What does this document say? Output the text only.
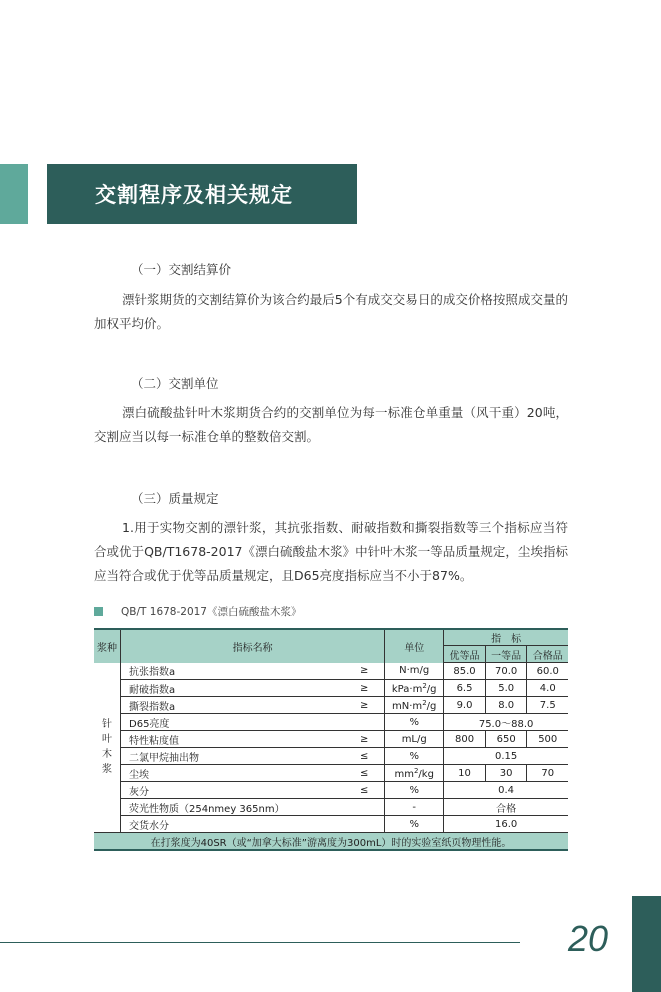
交割程序及相关规定
（一）交割结算价
漂针浆期货的交割结算价为该合约最后5个有成交交易日的成交价格按照成交量的加权平均价。
（二）交割单位
漂白硫酸盐针叶木浆期货合约的交割单位为每一标准仓单重量（风干重）20吨，交割应当以每一标准仓单的整数倍交割。
（三）质量规定
1.用于实物交割的漂针浆，其抗张指数、耐破指数和撕裂指数等三个指标应当符合或优于QB/T1678-2017《漂白硫酸盐木浆》中针叶木浆一等品质量规定，尘埃指标应当符合或优于优等品质量规定，且D65亮度指标应当不小于87%。
QB/T 1678-2017《漂白硫酸盐木浆》
浆种	指标名称		单位	指　标		
				优等品	一等品	合格品
针
叶
木
浆	抗张指数a	≥	N·m/g	85.0	70.0	60.0
	耐破指数a	≥	$kPa\cdot m^2/g$	6.5	5.0	4.0
	撕裂指数a	≥	$mN\cdot m^2/g$	9.0	8.0	7.5
	D65亮度		%	75.0～88.0		
	特性粘度值	≥	mL/g	800	650	500
	二氯甲烷抽出物	≤	%	0.15		
	尘埃	≤	$mm^2/kg$	10	30	70
	灰分	≤	%	0.4		
	荧光性物质（254nmey 365nm）		-	合格		
	交货水分		%	16.0		
在打浆度为40SR（或“加拿大标准”游离度为300mL）时的实验室纸页物理性能。						
20
